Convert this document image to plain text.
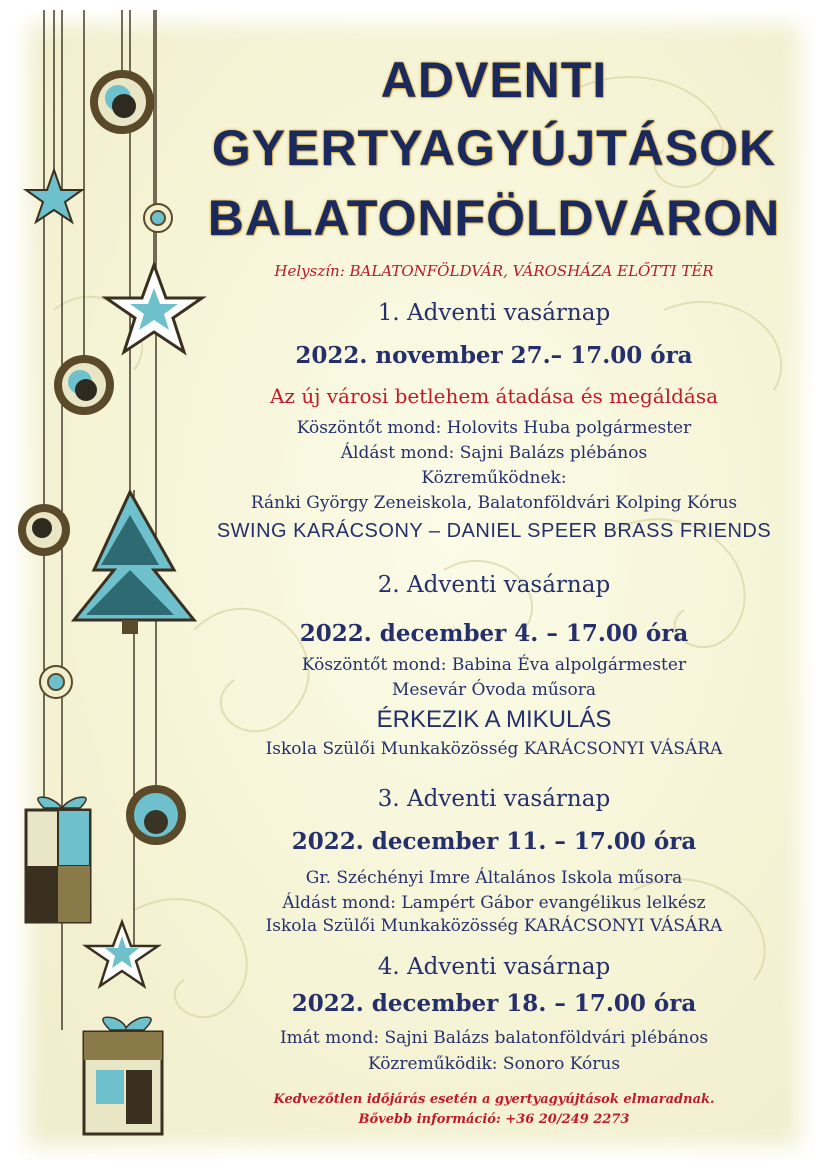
ADVENTI
GYERTYAGYÚJTÁSOK
BALATONFÖLDVÁRON
Helyszín: BALATONFÖLDVÁR, VÁROSHÁZA ELŐTTI TÉR
1. Adventi vasárnap
2022. november 27.– 17.00 óra
Az új városi betlehem átadása és megáldása
Köszöntőt mond: Holovits Huba polgármester
Áldást mond: Sajni Balázs plébános
Közreműködnek:
Ránki György Zeneiskola, Balatonföldvári Kolping Kórus
SWING KARÁCSONY – DANIEL SPEER BRASS FRIENDS
2. Adventi vasárnap
2022. december 4. – 17.00 óra
Köszöntőt mond: Babina Éva alpolgármester
Mesevár Óvoda műsora
ÉRKEZIK A MIKULÁS
Iskola Szülői Munkaközösség KARÁCSONYI VÁSÁRA
3. Adventi vasárnap
2022. december 11. – 17.00 óra
Gr. Széchényi Imre Általános Iskola műsora
Áldást mond: Lampért Gábor evangélikus lelkész
Iskola Szülői Munkaközösség KARÁCSONYI VÁSÁRA
4. Adventi vasárnap
2022. december 18. – 17.00 óra
Imát mond: Sajni Balázs balatonföldvári plébános
Közreműködik: Sonoro Kórus
Kedvezőtlen időjárás esetén a gyertyagyújtások elmaradnak.
Bővebb információ: +36 20/249 2273
